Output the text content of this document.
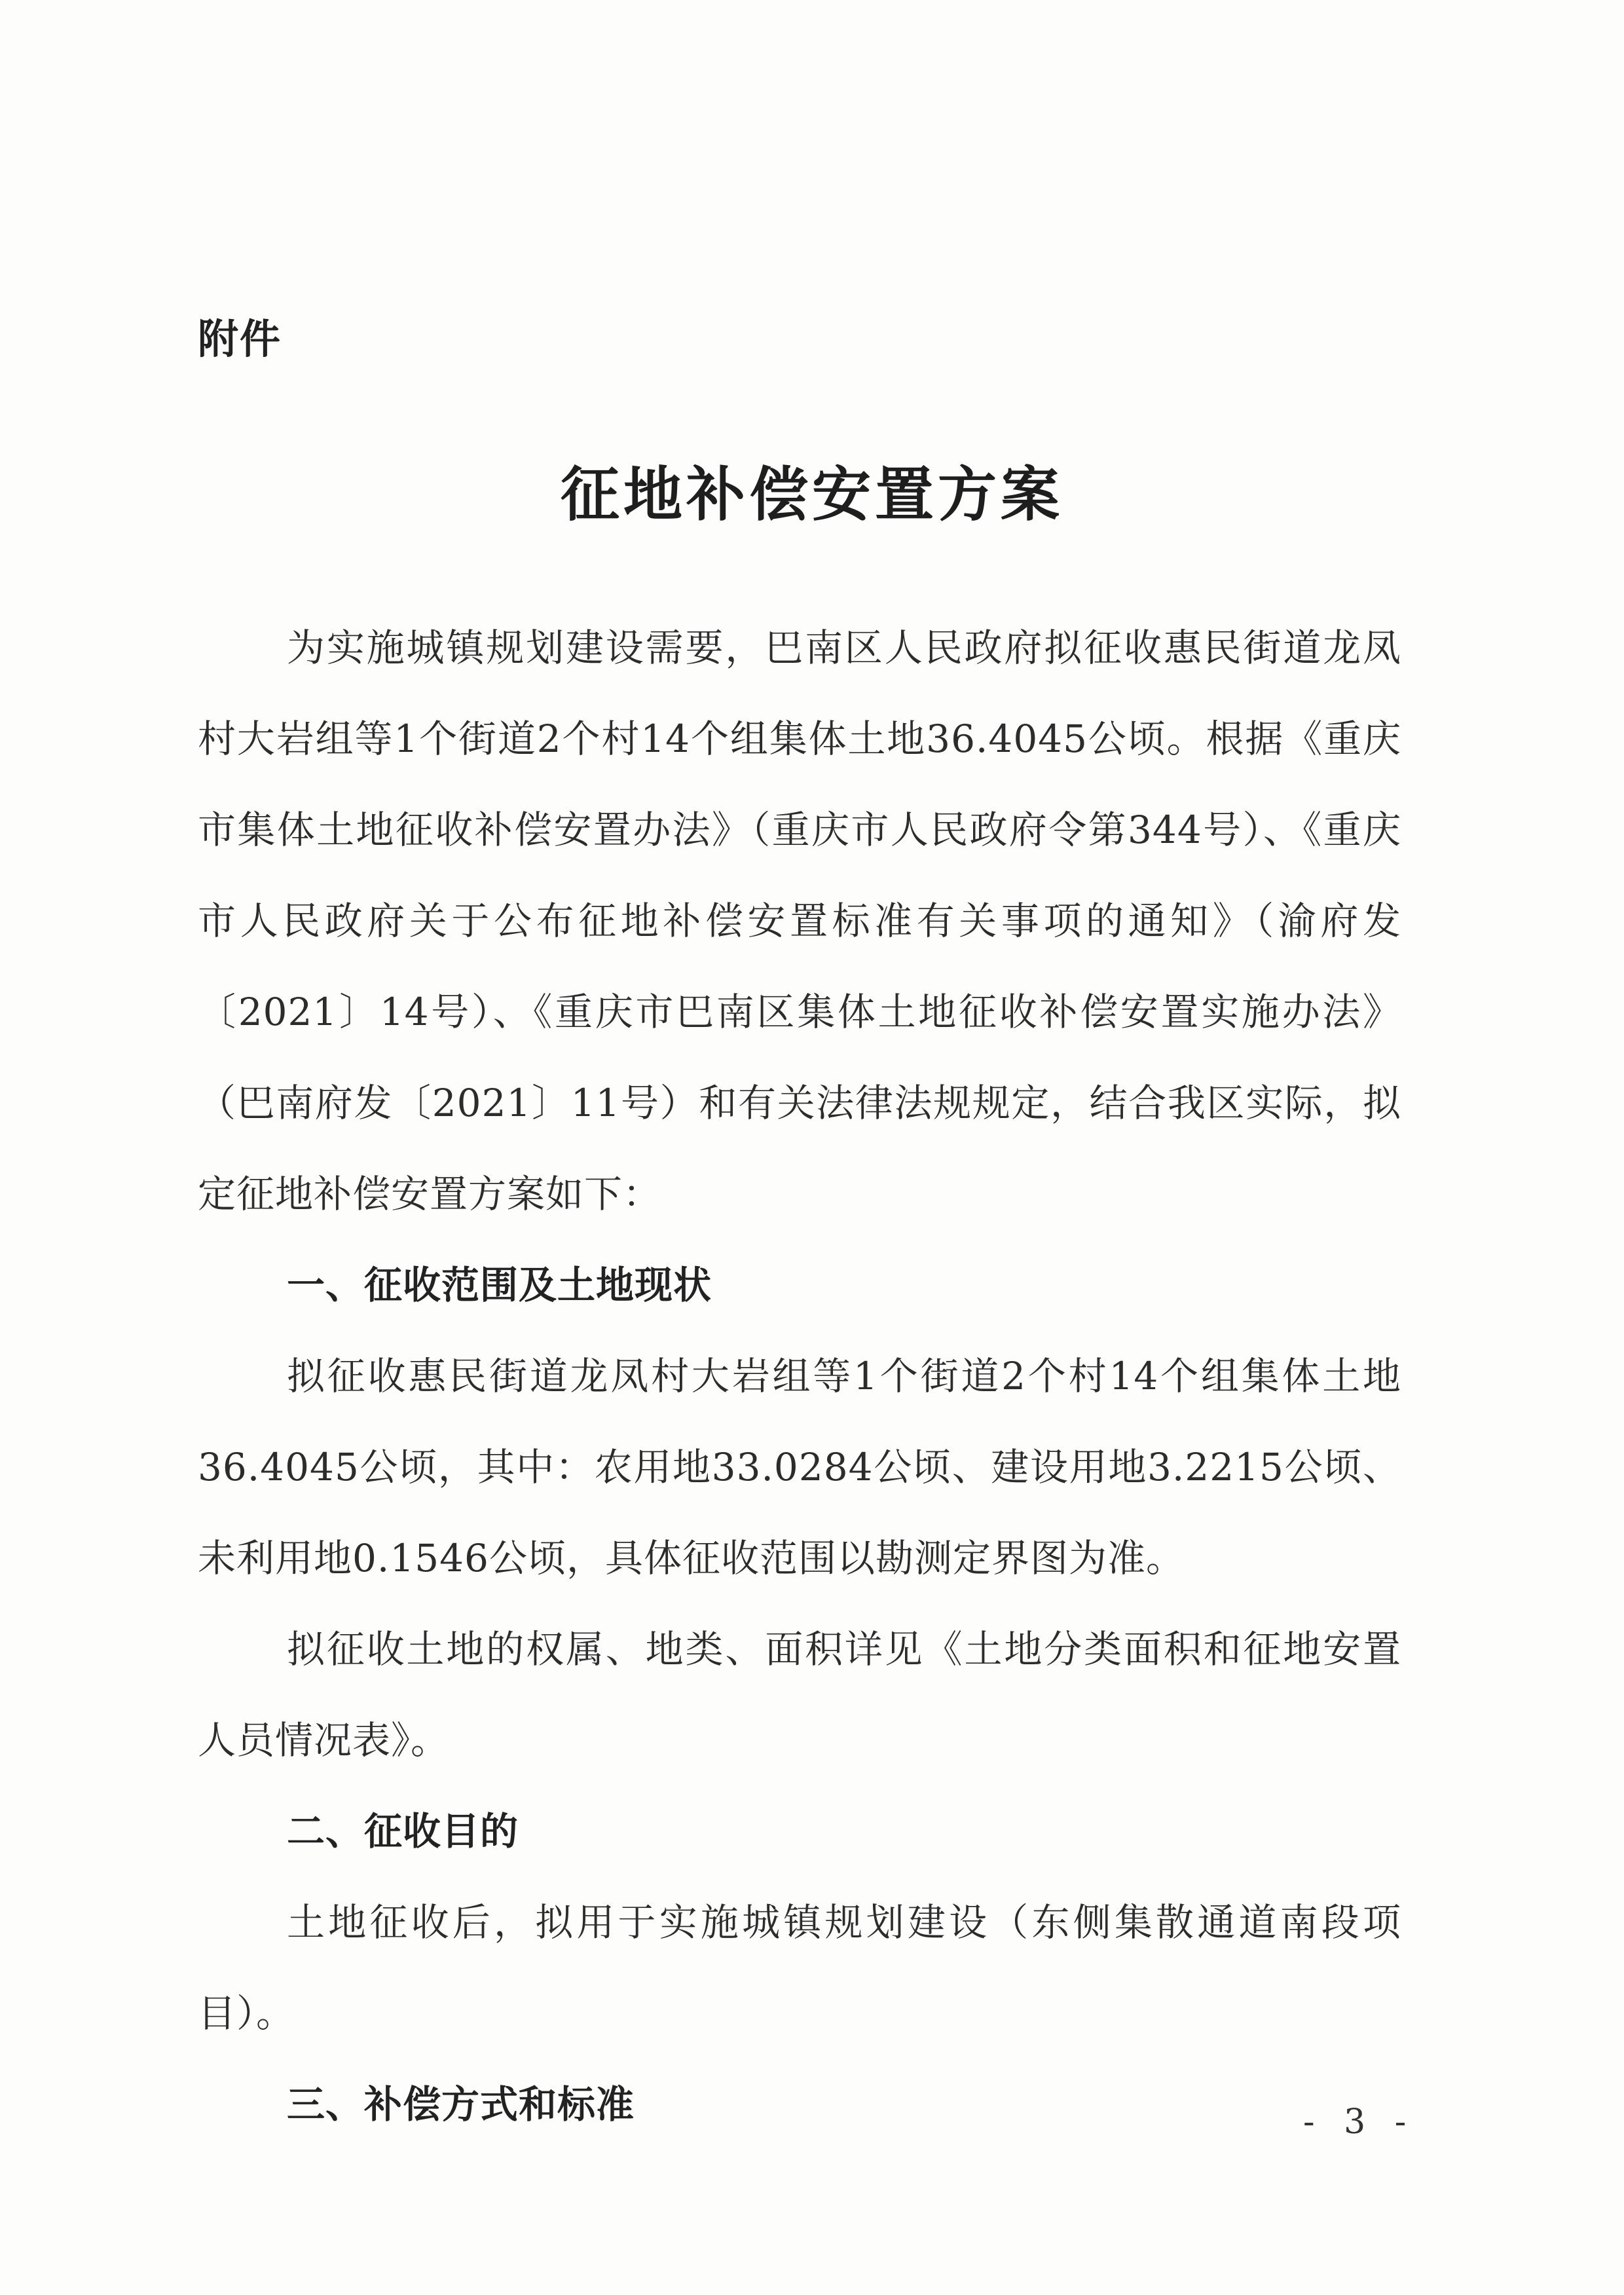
附件

征地补偿安置方案

为实施城镇规划建设需要，巴南区人民政府拟征收惠民街道龙凤村大岩组等1个街道2个村14个组集体土地36.4045公顷。根据《重庆市集体土地征收补偿安置办法》（重庆市人民政府令第344号）、《重庆市人民政府关于公布征地补偿安置标准有关事项的通知》（渝府发〔2021〕14号）、《重庆市巴南区集体土地征收补偿安置实施办法》（巴南府发〔2021〕11号）和有关法律法规规定，结合我区实际，拟定征地补偿安置方案如下：

一、征收范围及土地现状

拟征收惠民街道龙凤村大岩组等1个街道2个村14个组集体土地36.4045公顷，其中：农用地33.0284公顷、建设用地3.2215公顷、未利用地0.1546公顷，具体征收范围以勘测定界图为准。

拟征收土地的权属、地类、面积详见《土地分类面积和征地安置人员情况表》。

二、征收目的

土地征收后，拟用于实施城镇规划建设（东侧集散通道南段项目）。

三、补偿方式和标准	- 3 -
